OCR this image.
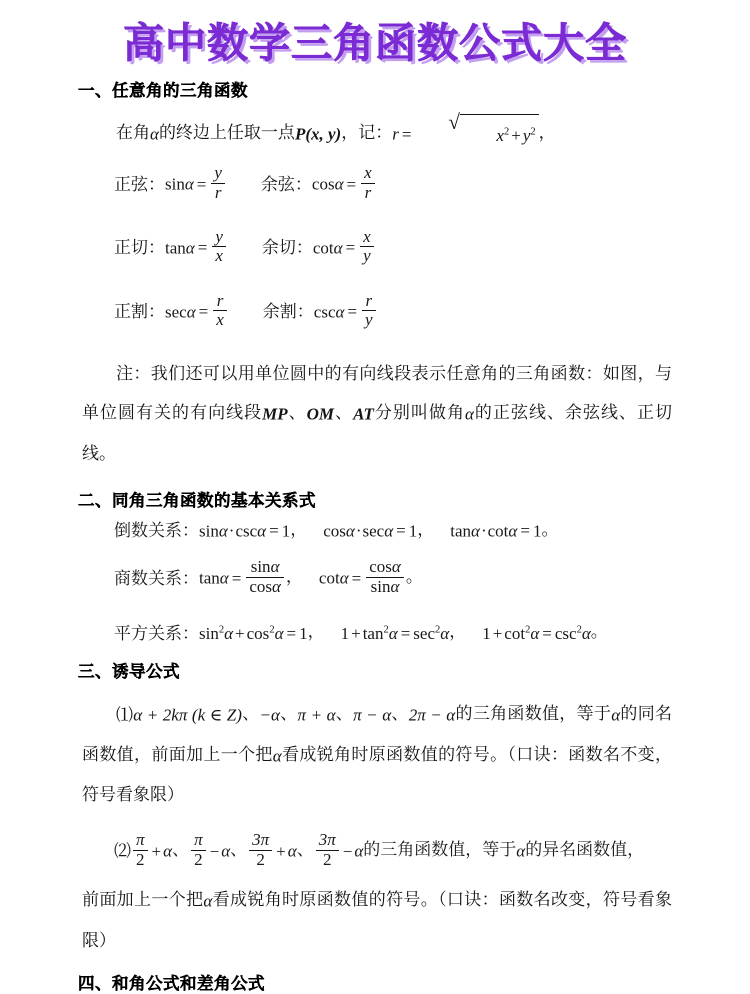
高中数学三角函数公式大全
一、任意角的三角函数

在角α的终边上任取一点P(x, y)，记：r =
√
$x^2 + y^2$ ，

正弦：$\sin\alpha = \frac{y}{r}$ 余弦：$\cos\alpha = \frac{x}{r}$
正切：$\tan\alpha = \frac{y}{x}$ 余切：$\cot\alpha = \frac{x}{y}$
正割：$\sec\alpha = \frac{r}{x}$ 余割：$\csc\alpha = \frac{r}{y}$

注：我们还可以用单位圆中的有向线段表示任意角的三角函数：如图，与单位圆有关的有向线段MP、OM、AT分别叫做角α的正弦线、余弦线、正切线。

二、同角三角函数的基本关系式
倒数关系：sinα·cscα = 1， cosα·secα = 1， tanα·cotα = 1。
商数关系：$\tan\alpha = \frac{\sin\alpha}{\cos\alpha}$ ， $\cot\alpha = \frac{\cos\alpha}{\sin\alpha}$ 。
平方关系：$\sin^2\alpha + \cos^2\alpha = 1$， $1 + \tan^2\alpha = \sec^2\alpha$， $1 + \cot^2\alpha = \csc^2\alpha$。
三、诱导公式

⑴α + 2kπ (k ∈ Z)、−α、π + α、π − α、2π − α的三角函数值，等于α的同名函数值，前面加上一个把α看成锐角时原函数值的符号。（口诀：函数名不变，符号看象限）

⑵ $\frac{\pi}{2} + \alpha$、 $\frac{\pi}{2} - \alpha$、 $\frac{3\pi}{2} + \alpha$、 $\frac{3\pi}{2} - \alpha$的三角函数值，等于α的异名函数值，

前面加上一个把α看成锐角时原函数值的符号。（口诀：函数名改变，符号看象限）

四、和角公式和差角公式
